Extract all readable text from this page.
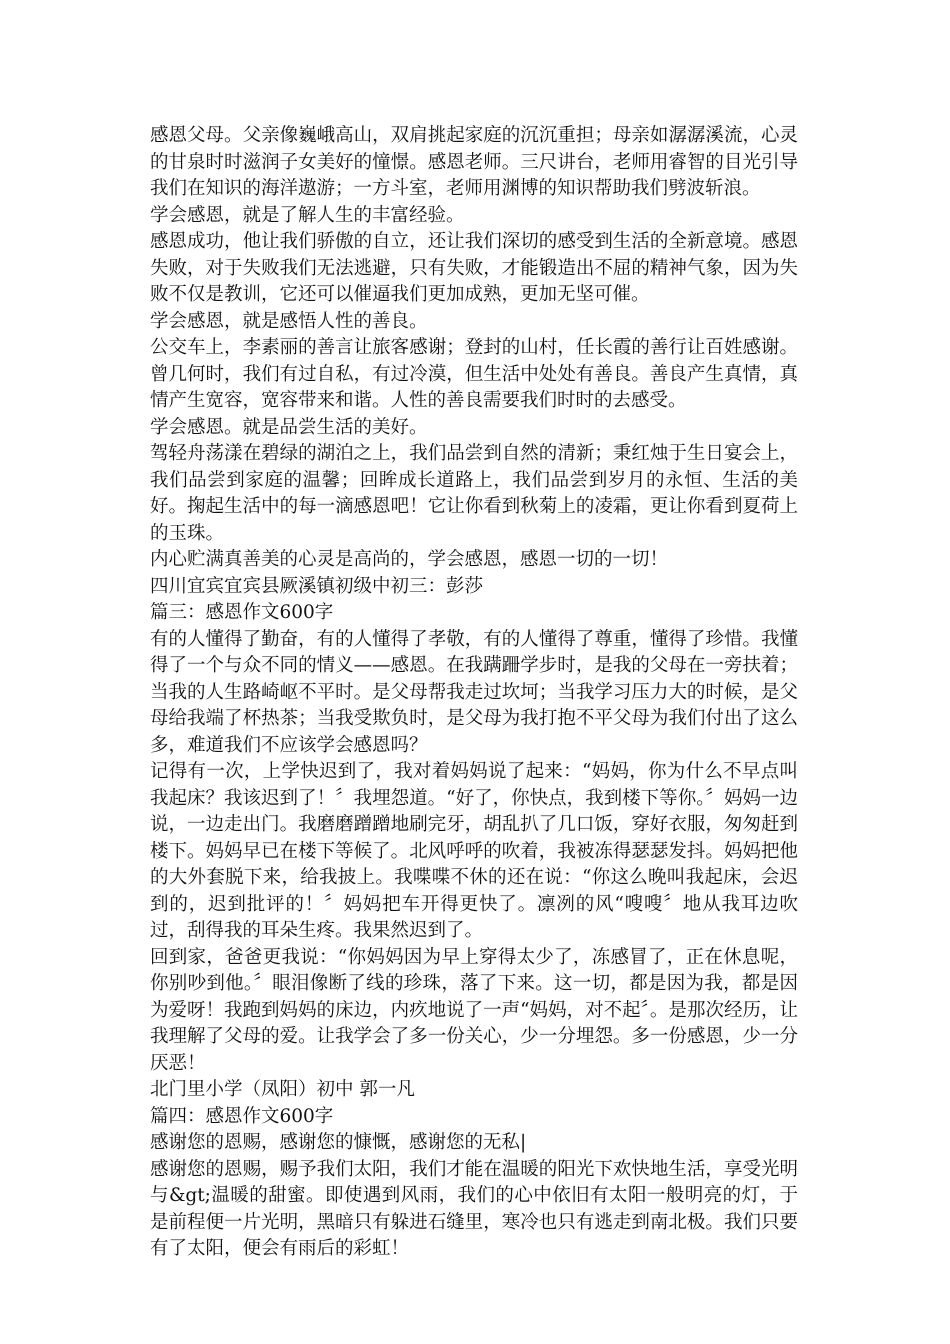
感恩父母。父亲像巍峨高山，双肩挑起家庭的沉沉重担；母亲如潺潺溪流，心灵的甘泉时时滋润子女美好的憧憬。感恩老师。三尺讲台，老师用睿智的目光引导我们在知识的海洋遨游；一方斗室，老师用渊博的知识帮助我们劈波斩浪。

学会感恩，就是了解人生的丰富经验。

感恩成功，他让我们骄傲的自立，还让我们深切的感受到生活的全新意境。感恩失败，对于失败我们无法逃避，只有失败，才能锻造出不屈的精神气象，因为失败不仅是教训，它还可以催逼我们更加成熟，更加无坚可催。

学会感恩，就是感悟人性的善良。

公交车上，李素丽的善言让旅客感谢；登封的山村，任长霞的善行让百姓感谢。曾几何时，我们有过自私，有过冷漠，但生活中处处有善良。善良产生真情，真情产生宽容，宽容带来和谐。人性的善良需要我们时时的去感受。

学会感恩。就是品尝生活的美好。

驾轻舟荡漾在碧绿的湖泊之上，我们品尝到自然的清新；秉红烛于生日宴会上，我们品尝到家庭的温馨；回眸成长道路上，我们品尝到岁月的永恒、生活的美好。掬起生活中的每一滴感恩吧！它让你看到秋菊上的凌霜，更让你看到夏荷上的玉珠。

内心贮满真善美的心灵是高尚的，学会感恩，感恩一切的一切！

四川宜宾宜宾县厥溪镇初级中初三：彭莎

篇三：感恩作文600字

有的人懂得了勤奋，有的人懂得了孝敬，有的人懂得了尊重，懂得了珍惜。我懂得了一个与众不同的情义——感恩。在我蹒跚学步时，是我的父母在一旁扶着；当我的人生路崎岖不平时。是父母帮我走过坎坷；当我学习压力大的时候，是父母给我端了杯热茶；当我受欺负时，是父母为我打抱不平父母为我们付出了这么多，难道我们不应该学会感恩吗？

记得有一次，上学快迟到了，我对着妈妈说了起来：“妈妈，你为什么不早点叫我起床？我该迟到了！〞我埋怨道。“好了，你快点，我到楼下等你。〞妈妈一边说，一边走出门。我磨磨蹭蹭地刷完牙，胡乱扒了几口饭，穿好衣服，匆匆赶到楼下。妈妈早已在楼下等候了。北风呼呼的吹着，我被冻得瑟瑟发抖。妈妈把他的大外套脱下来，给我披上。我喋喋不休的还在说：“你这么晚叫我起床，会迟到的，迟到批评的！〞妈妈把车开得更快了。凛冽的风“嗖嗖〞地从我耳边吹过，刮得我的耳朵生疼。我果然迟到了。

回到家，爸爸更我说：“你妈妈因为早上穿得太少了，冻感冒了，正在休息呢，你别吵到他。〞眼泪像断了线的珍珠，落了下来。这一切，都是因为我，都是因为爱呀！我跑到妈妈的床边，内疚地说了一声“妈妈，对不起〞。是那次经历，让我理解了父母的爱。让我学会了多一份关心，少一分埋怨。多一份感恩，少一分厌恶！

北门里小学（凤阳）初中 郭一凡

篇四：感恩作文600字

感谢您的恩赐，感谢您的慷慨，感谢您的无私|

感谢您的恩赐，赐予我们太阳，我们才能在温暖的阳光下欢快地生活，享受光明与&gt;温暖的甜蜜。即使遇到风雨，我们的心中依旧有太阳一般明亮的灯，于是前程便一片光明，黑暗只有躲进石缝里，寒冷也只有逃走到南北极。我们只要有了太阳，便会有雨后的彩虹！
